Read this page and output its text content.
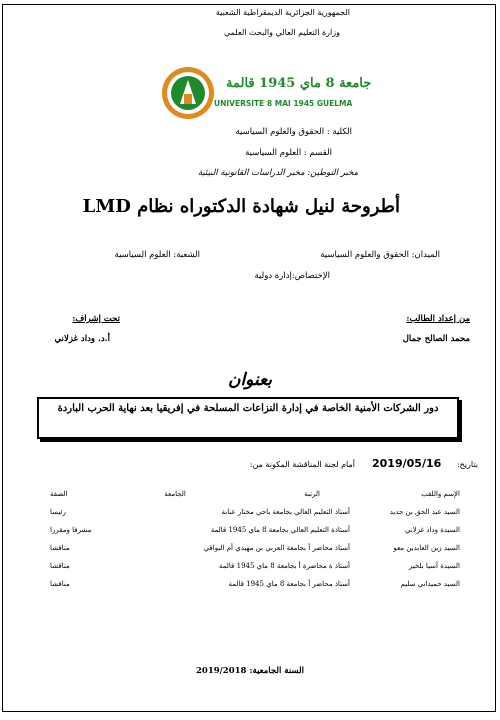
الجمهورية الجزائرية الديمقراطية الشعبية
وزارة التعليم العالي والبحث العلمي
جامعة 8 ماي 1945 قالمة
UNIVERSITE 8 MAI 1945 GUELMA
الكلية : الحقوق والعلوم السياسية
القسم : العلوم السياسية
مخبر التوطين: مخبر الدراسات القانونية البيئية
أطروحة لنيل شهادة الدكتوراه نظام LMD
الميدان: الحقوق والعلوم السياسية
الشعبة: العلوم السياسية
الإختصاص:إدارة دولية
من إعداد الطالب:
محمد الصالح جمال
تحت إشراف:
أ.د. وداد غزلاني
بعنوان
دور الشركات الأمنية الخاصة في إدارة النزاعات المسلحة في إفريقيا بعد نهاية الحرب الباردة
بتاريخ:
2019/05/16
أمام لجنة المناقشة المكونة من:
الإسم واللقب	الرتبة	الجامعة	الصفة
السيد عبد الحق بن جديد	أستاذ التعليم العالي بجامعة باجي مختار عنابة		رئيسا
السيدة وداد غزلاني	أستاذة التعليم العالي بجامعة 8 ماي 1945 قالمة		مشرفا ومقررا
السيد زين العابدين معو	أستاذ محاضر أ بجامعة العربي بن مهيدي أم البواقي		مناقشا
السيدة آسيا بلخير	أستاذ ة محاضرة أ بجامعة 8 ماي 1945 قالمة		مناقشا
السيد حميداني سليم	أستاذ محاضر أ بجامعة 8 ماي 1945 قالمة		مناقشا
السنة الجامعية: 2019/2018
